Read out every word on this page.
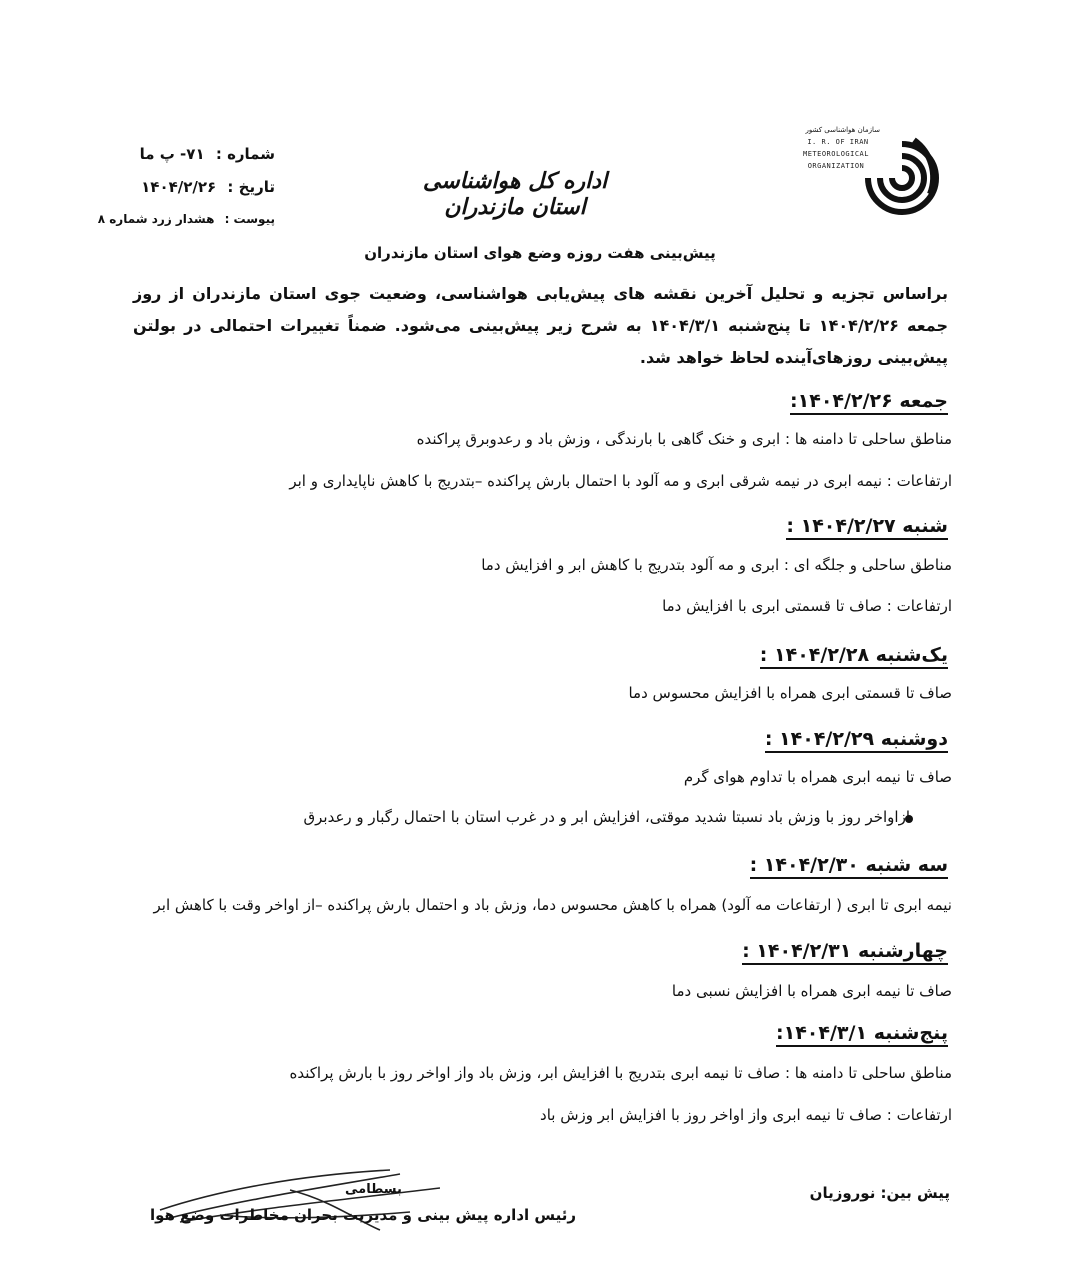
سازمان هواشناسی کشور
I. R. OF IRAN
METEOROLOGICAL
ORGANIZATION
اداره کل هواشناسی استان مازندران
شماره : ۷۱- پ ما
تاریخ : ۱۴۰۴/۲/۲۶
پیوست : هشدار زرد شماره ۸
پیش‌بینی هفت روزه وضع هوای استان مازندران
براساس تجزیه و تحلیل آخرین نقشه های پیش‌یابی هواشناسی، وضعیت جوی استان مازندران از روز جمعه ۱۴۰۴/۲/۲۶ تا پنج‌شنبه ۱۴۰۴/۳/۱ به شرح زیر پیش‌بینی می‌شود. ضمناً تغییرات احتمالی در بولتن پیش‌بینی روزهای‌آینده لحاظ خواهد شد.
جمعه ۱۴۰۴/۲/۲۶:
مناطق ساحلی تا دامنه ها : ابری و خنک گاهی با بارندگی ، وزش باد و رعدوبرق پراکنده
ارتفاعات : نیمه ابری در نیمه شرقی ابری و مه آلود با احتمال بارش پراکنده –بتدریج با کاهش ناپایداری و ابر
شنبه ۱۴۰۴/۲/۲۷ :
مناطق ساحلی و جلگه ای : ابری و مه آلود بتدریج با کاهش ابر و افزایش دما
ارتفاعات : صاف تا قسمتی ابری با افزایش دما
یک‌شنبه ۱۴۰۴/۲/۲۸ :
صاف تا قسمتی ابری همراه با افزایش محسوس دما
دوشنبه ۱۴۰۴/۲/۲۹ :
صاف تا نیمه ابری همراه با تداوم هوای گرم
ازاواخر روز با وزش باد نسبتا شدید موقتی، افزایش ابر و در غرب استان با احتمال رگبار و رعدبرق
سه شنبه ۱۴۰۴/۲/۳۰ :
نیمه ابری تا ابری ( ارتفاعات مه آلود) همراه با کاهش محسوس دما، وزش باد و احتمال بارش پراکنده –از اواخر وقت با کاهش ابر
چهارشنبه ۱۴۰۴/۲/۳۱ :
صاف تا نیمه ابری همراه با افزایش نسبی دما
پنج‌شنبه ۱۴۰۴/۳/۱:
مناطق ساحلی تا دامنه ها : صاف تا نیمه ابری بتدریج با افزایش ابر، وزش باد واز اواخر روز با بارش پراکنده
ارتفاعات : صاف تا نیمه ابری واز اواخر روز با افزایش ابر وزش باد
پیش بین: نوروزیان
بسطامی
رئیس اداره پیش بینی و مدیریت بحران مخاطرات وضع هوا
